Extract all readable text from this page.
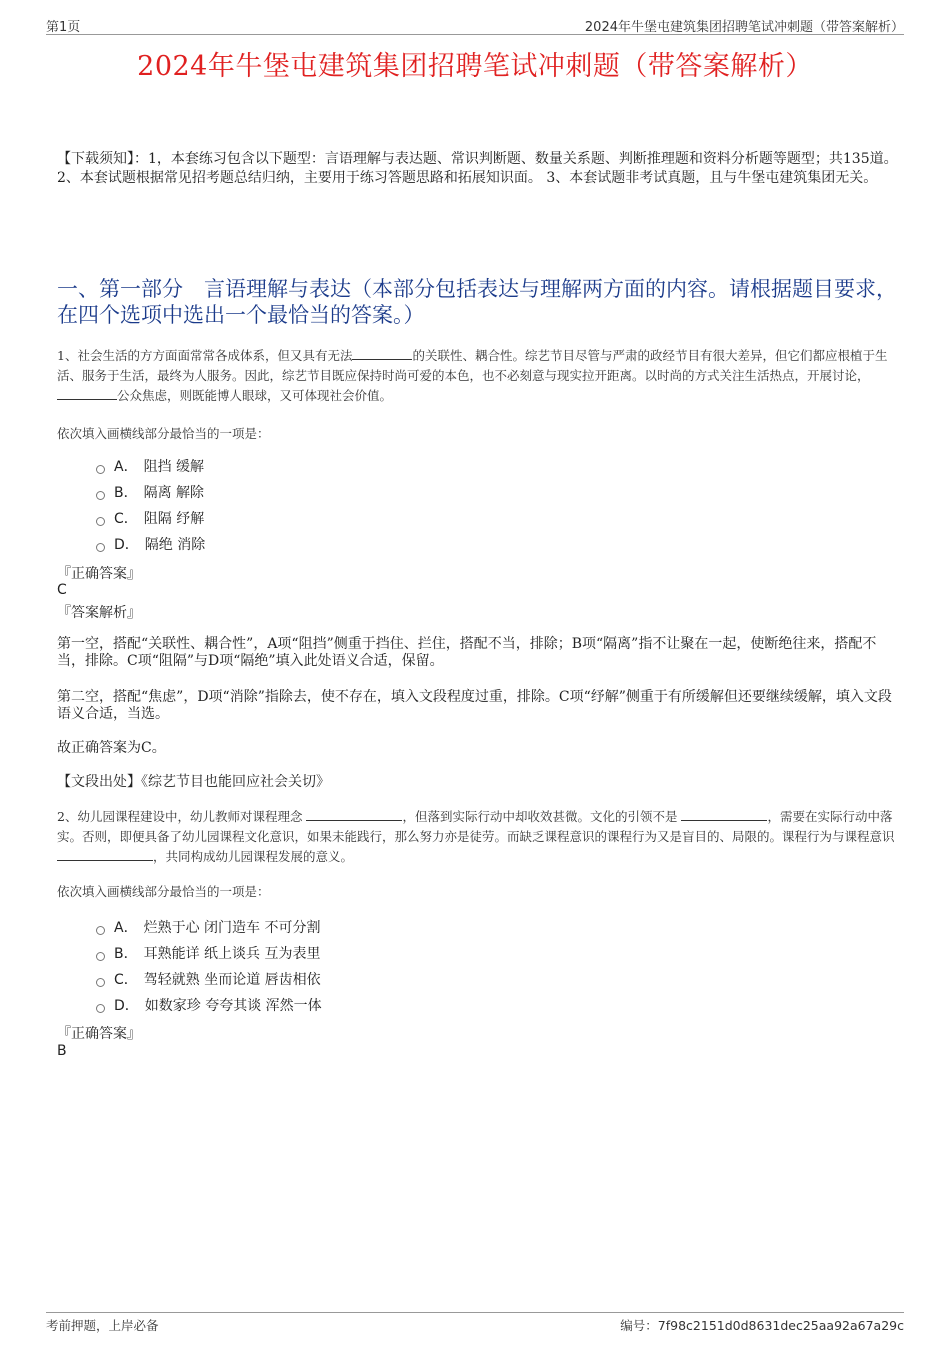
第1页	2024年牛堡屯建筑集团招聘笔试冲刺题（带答案解析）
2024年牛堡屯建筑集团招聘笔试冲刺题（带答案解析）
【下载须知】：1，本套练习包含以下题型：言语理解与表达题、常识判断题、数量关系题、判断推理题和资料分析题等题型；共135道。 2、本套试题根据常见招考题总结归纳，主要用于练习答题思路和拓展知识面。 3、本套试题非考试真题，且与牛堡屯建筑集团无关。
一、第一部分　言语理解与表达（本部分包括表达与理解两方面的内容。请根据题目要求，在四个选项中选出一个最恰当的答案。）
1、社会生活的方方面面常常各成体系，但又具有无法	的关联性、耦合性。综艺节目尽管与严肃的政经节目有很大差异，但它们都应根植于生活、服务于生活，最终为人服务。因此，综艺节目既应保持时尚可爱的本色，也不必刻意与现实拉开距离。以时尚的方式关注生活热点，开展讨论，公众焦虑，则既能博人眼球，又可体现社会价值。
依次填入画横线部分最恰当的一项是：
A． 阻挡 缓解
B． 隔离 解除
C． 阻隔 纾解
D． 隔绝 消除
『正确答案』
C
『答案解析』
第一空，搭配“关联性、耦合性”，A项“阻挡”侧重于挡住、拦住，搭配不当，排除；B项“隔离”指不让聚在一起，使断绝往来，搭配不当，排除。C项“阻隔”与D项“隔绝”填入此处语义合适，保留。
第二空，搭配“焦虑”，D项“消除”指除去，使不存在，填入文段程度过重，排除。C项“纾解”侧重于有所缓解但还要继续缓解，填入文段语义合适，当选。
故正确答案为C。
【文段出处】《综艺节目也能回应社会关切》
2、幼儿园课程建设中，幼儿教师对课程理念	，但落到实际行动中却收效甚微。文化的引领不是	，需要在实际行动中落实。否则，即便具备了幼儿园课程文化意识，如果未能践行，那么努力亦是徒劳。而缺乏课程意识的课程行为又是盲目的、局限的。课程行为与课程意识 ，共同构成幼儿园课程发展的意义。
依次填入画横线部分最恰当的一项是：
A． 烂熟于心 闭门造车 不可分割
B． 耳熟能详 纸上谈兵 互为表里
C． 驾轻就熟 坐而论道 唇齿相依
D． 如数家珍 夸夸其谈 浑然一体
『正确答案』
B
考前押题，上岸必备	编号：7f98c2151d0d8631dec25aa92a67a29c
